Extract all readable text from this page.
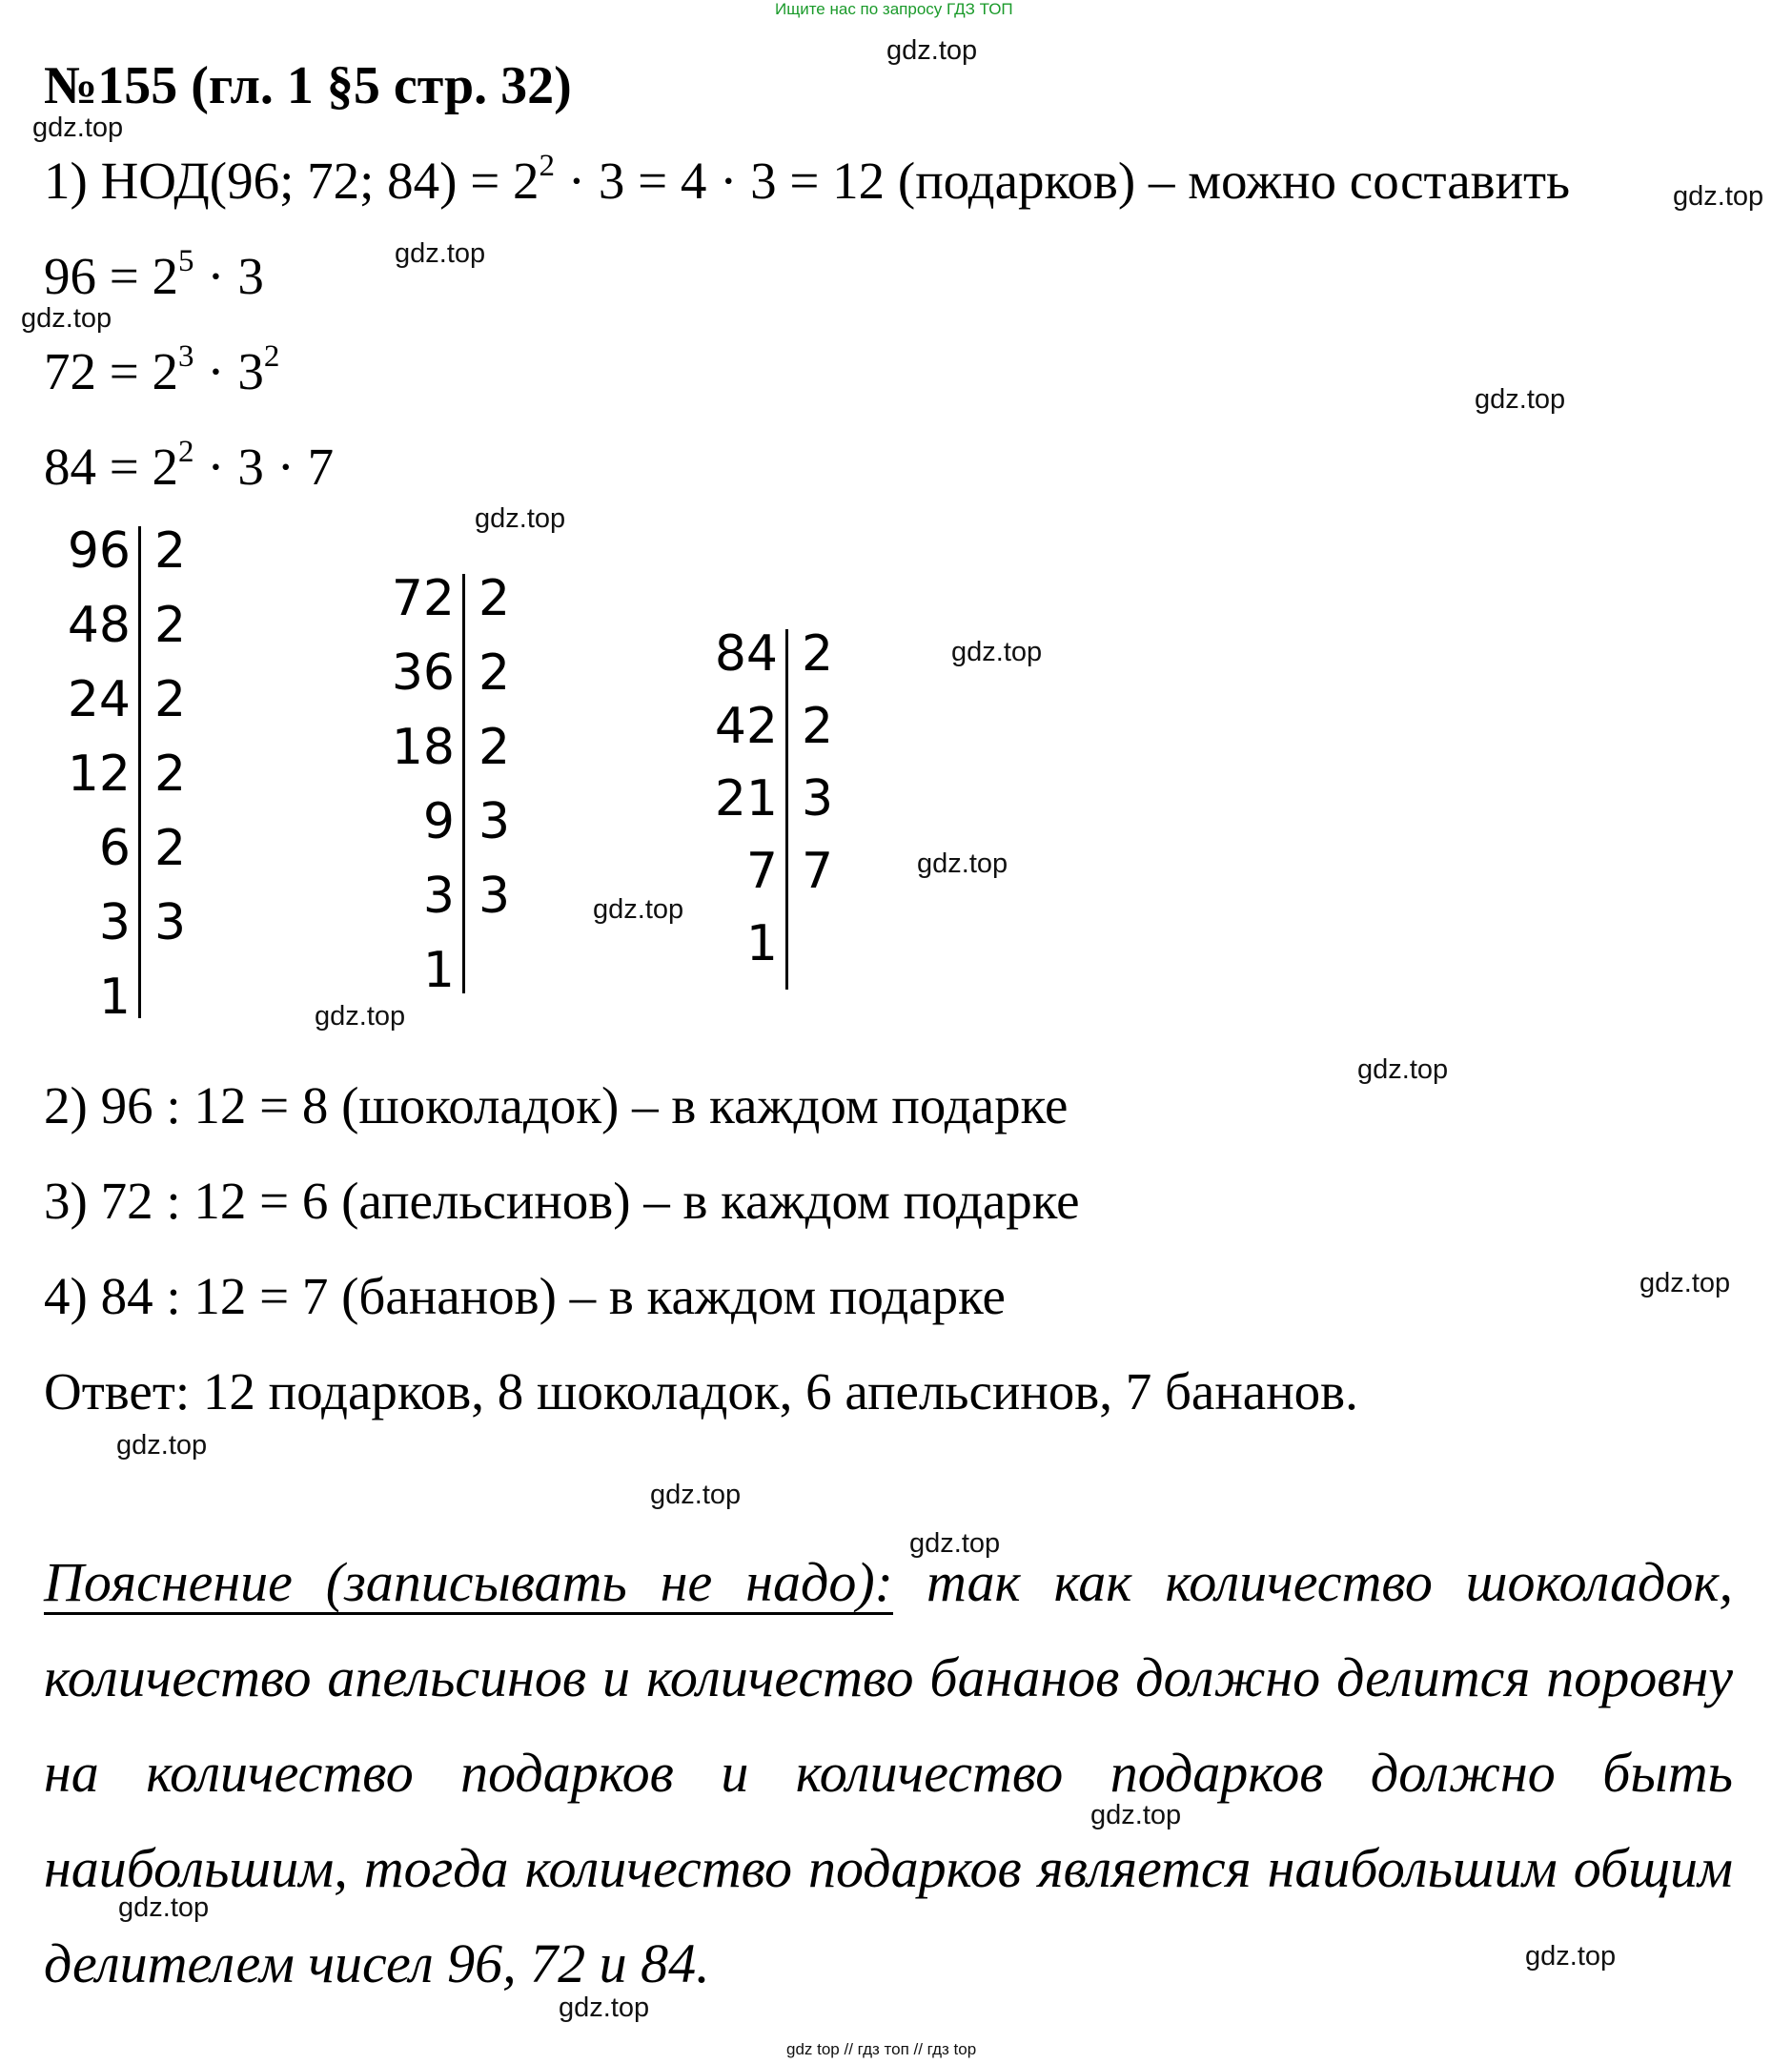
Ищите нас по запросу ГДЗ ТОП
№155 (гл. 1 §5 стр. 32)
1) НОД(96; 72; $84) = 2^2 \cdot 3 = 4 \cdot 3 = 12$ (подарков) – можно составить
$96 = 2^5 \cdot 3$
$72 = 2^3 \cdot 3^2$
$84 = 2^2 \cdot 3 \cdot 7$
96 2
48 2
24 2
12 2
6 2
3 3
1
72 2
36 2
18 2
9 3
3 3
1
84 2
42 2
21 3
7 7
1
2) 96 : 12 = 8 (шоколадок) – в каждом подарке
3) 72 : 12 = 6 (апельсинов) – в каждом подарке
4) 84 : 12 = 7 (бананов) – в каждом подарке
Ответ: 12 подарков, 8 шоколадок, 6 апельсинов, 7 бананов.
Пояснение (записывать не надо): так как количество шоколадок,
количество апельсинов и количество бананов должно делится поровну
на количество подарков и количество подарков должно быть
наибольшим, тогда количество подарков является наибольшим общим
делителем чисел 96, 72 и 84.
gdz.top
gdz.top
gdz.top
gdz.top
gdz.top
gdz.top
gdz.top
gdz.top
gdz.top
gdz.top
gdz.top
gdz.top
gdz.top
gdz.top
gdz.top
gdz.top
gdz.top
gdz.top
gdz.top
gdz.top
gdz top // гдз топ // гдз top
